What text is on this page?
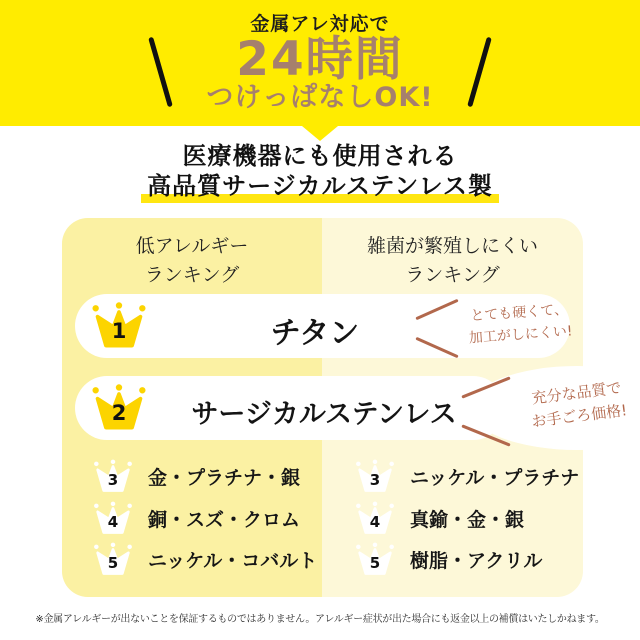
金属アレ対応で
24時間
つけっぱなしOK!
医療機器にも使用される
高品質サージカルステンレス製
低アレルギー
ランキング
雑菌が繁殖しにくい
ランキング
1	チタン
とても硬くて、
加工がしにくい!
2	サージカルステンレス
充分な品質で
お手ごろ価格!
3	金・プラチナ・銀
4	銅・スズ・クロム
5	ニッケル・コバルト
3	ニッケル・プラチナ
4	真鍮・金・銀
5	樹脂・アクリル
※金属アレルギーが出ないことを保証するものではありません。アレルギー症状が出た場合にも返金以上の補償はいたしかねます。
